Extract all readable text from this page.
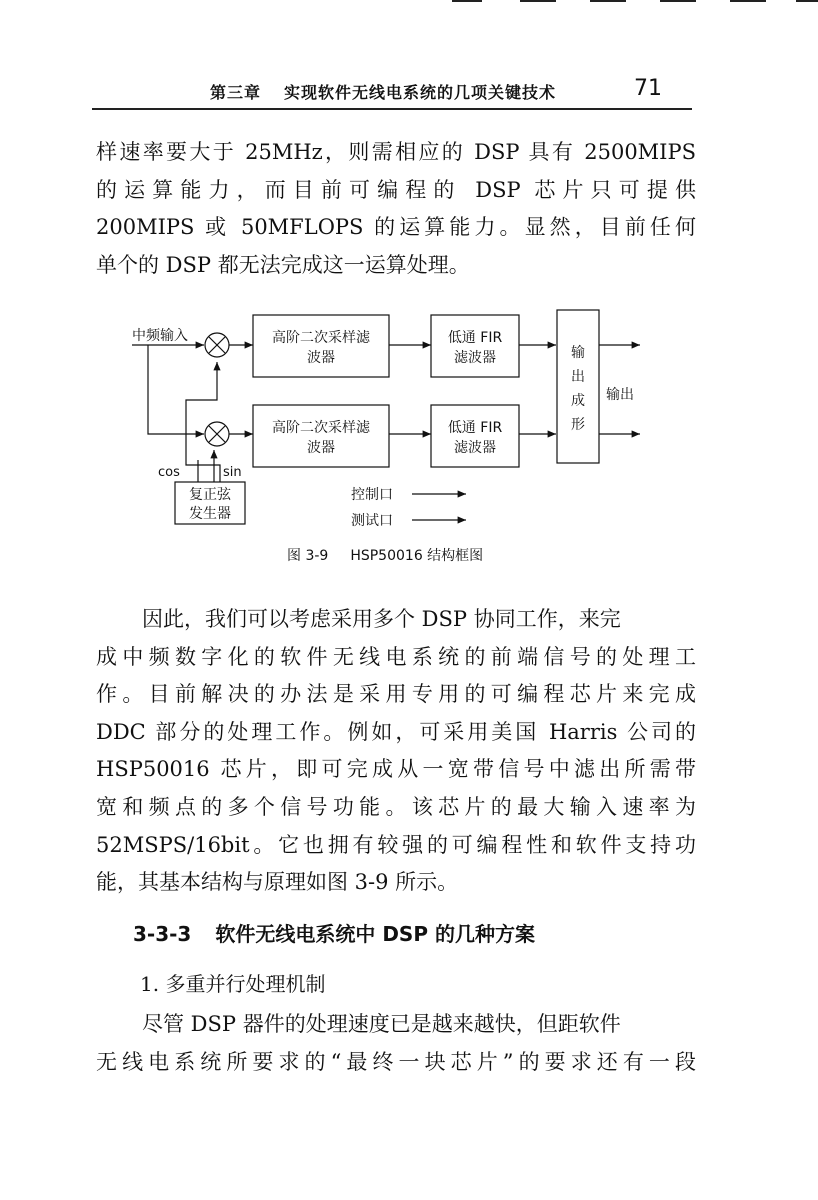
第三章 实现软件无线电系统的几项关键技术	71
样速率要大于 25MHz，则需相应的 DSP 具有 2500MIPS
的运算能力，而目前可编程的 DSP 芯片只可提供
200MIPS 或 50MFLOPS 的运算能力。显然，目前任何
单个的 DSP 都无法完成这一运算处理。
中频输入	高阶二次采样滤
波器
高阶二次采样滤
波器
低通 FIR
滤波器
低通 FIR
滤波器
输
出
成
形
输出
复正弦
发生器
cos	sin
控制口
测试口
图 3-9 HSP50016 结构框图
因此，我们可以考虑采用多个 DSP 协同工作，来完
成中频数字化的软件无线电系统的前端信号的处理工
作。目前解决的办法是采用专用的可编程芯片来完成
DDC 部分的处理工作。例如，可采用美国 Harris 公司的
HSP50016 芯片，即可完成从一宽带信号中滤出所需带
宽和频点的多个信号功能。该芯片的最大输入速率为
52MSPS/16bit。它也拥有较强的可编程性和软件支持功
能，其基本结构与原理如图 3-9 所示。
3-3-3 软件无线电系统中 DSP 的几种方案
1. 多重并行处理机制
尽管 DSP 器件的处理速度已是越来越快，但距软件
无线电系统所要求的“最终一块芯片”的要求还有一段
